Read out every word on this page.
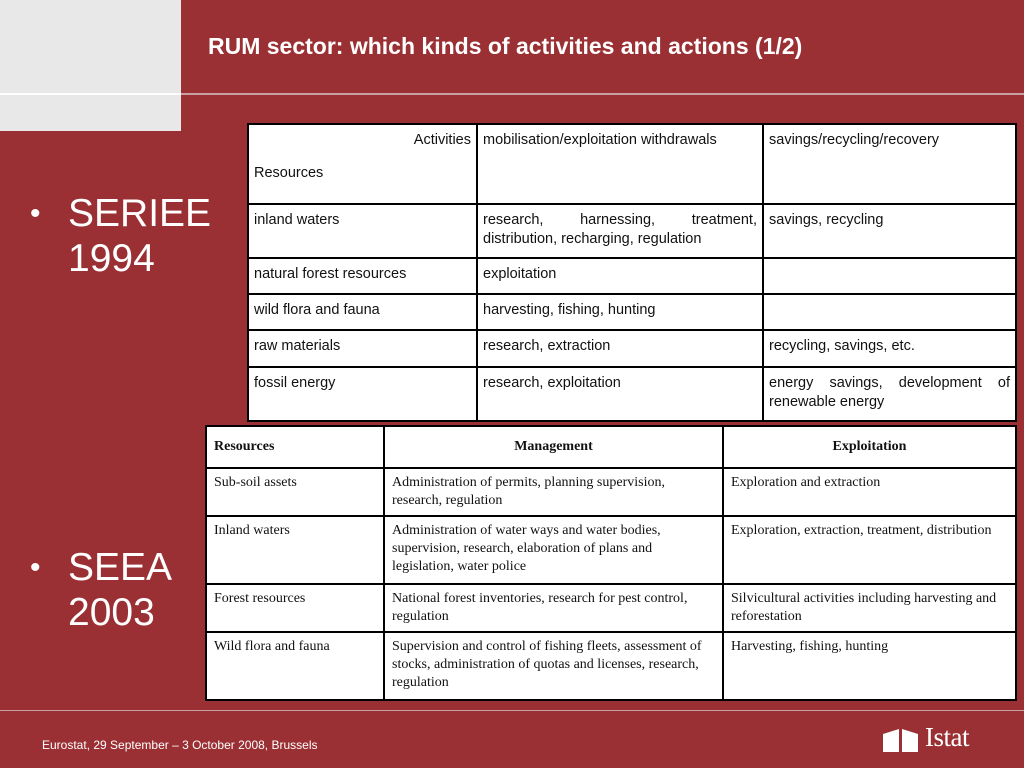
RUM sector: which kinds of activities and actions (1/2)
• SERIEE
1994
• SEEA
2003
Activities
Resources	mobilisation/exploitation withdrawals	savings/recycling/recovery
inland waters	research, harnessing, treatment, distribution, recharging, regulation	savings, recycling
natural forest resources	exploitation	
wild flora and fauna	harvesting, fishing, hunting	
raw materials	research, extraction	recycling, savings, etc.
fossil energy	research, exploitation	energy savings, development of renewable energy
Resources	Management	Exploitation
Sub-soil assets	Administration of permits, planning supervision, research, regulation	Exploration and extraction
Inland waters	Administration of water ways and water bodies, supervision, research, elaboration of plans and legislation, water police	Exploration, extraction, treatment, distribution
Forest resources	National forest inventories, research for pest control, regulation	Silvicultural activities including harvesting and reforestation
Wild flora and fauna	Supervision and control of fishing fleets, assessment of stocks, administration of quotas and licenses, research, regulation	Harvesting, fishing, hunting
Eurostat, 29 September – 3 October 2008, Brussels	Istat
